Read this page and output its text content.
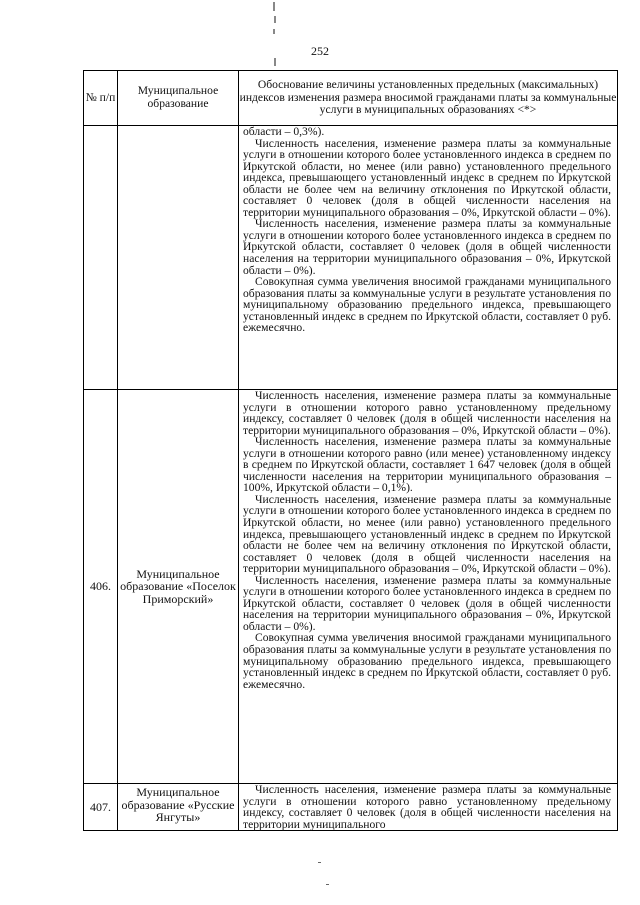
252
№ п/п	Муниципальное образование	Обоснование величины установленных предельных (максимальных) индексов изменения размера вносимой гражданами платы за коммунальные услуги в муниципальных образованиях <*>

		области – 0,3%).

Численность населения, изменение размера платы за коммунальные услуги в отношении которого более установленного индекса в среднем по Иркутской области, но менее (или равно) установленного предельного индекса, превышающего установленный индекс в среднем по Иркутской области не более чем на величину отклонения по Иркутской области, составляет 0 человек (доля в общей численности населения на территории муниципального образования – 0%, Иркутской области – 0%).

Численность населения, изменение размера платы за коммунальные услуги в отношении которого более установленного индекса в среднем по Иркутской области, составляет 0 человек (доля в общей численности населения на территории муниципального образования – 0%, Иркутской области – 0%).

Совокупная сумма увеличения вносимой гражданами муниципального образования платы за коммунальные услуги в результате установления по муниципальному образованию предельного индекса, превышающего установленный индекс в среднем по Иркутской области, составляет 0 руб. ежемесячно.

406.	Муниципальное образование «Поселок Приморский»	Численность населения, изменение размера платы за коммунальные услуги в отношении которого равно установленному предельному индексу, составляет 0 человек (доля в общей численности населения на территории муниципального образования – 0%, Иркутской области – 0%).

Численность населения, изменение размера платы за коммунальные услуги в отношении которого равно (или менее) установленному индексу в среднем по Иркутской области, составляет 1 647 человек (доля в общей численности населения на территории муниципального образования – 100%, Иркутской области – 0,1%).

Численность населения, изменение размера платы за коммунальные услуги в отношении которого более установленного индекса в среднем по Иркутской области, но менее (или равно) установленного предельного индекса, превышающего установленный индекс в среднем по Иркутской области не более чем на величину отклонения по Иркутской области, составляет 0 человек (доля в общей численности населения на территории муниципального образования – 0%, Иркутской области – 0%).

Численность населения, изменение размера платы за коммунальные услуги в отношении которого более установленного индекса в среднем по Иркутской области, составляет 0 человек (доля в общей численности населения на территории муниципального образования – 0%, Иркутской области – 0%).

Совокупная сумма увеличения вносимой гражданами муниципального образования платы за коммунальные услуги в результате установления по муниципальному образованию предельного индекса, превышающего установленный индекс в среднем по Иркутской области, составляет 0 руб. ежемесячно.

407.	Муниципальное образование «Русские Янгуты»	Численность населения, изменение размера платы за коммунальные услуги в отношении которого равно установленному предельному индексу, составляет 0 человек (доля в общей численности населения на территории муниципального
